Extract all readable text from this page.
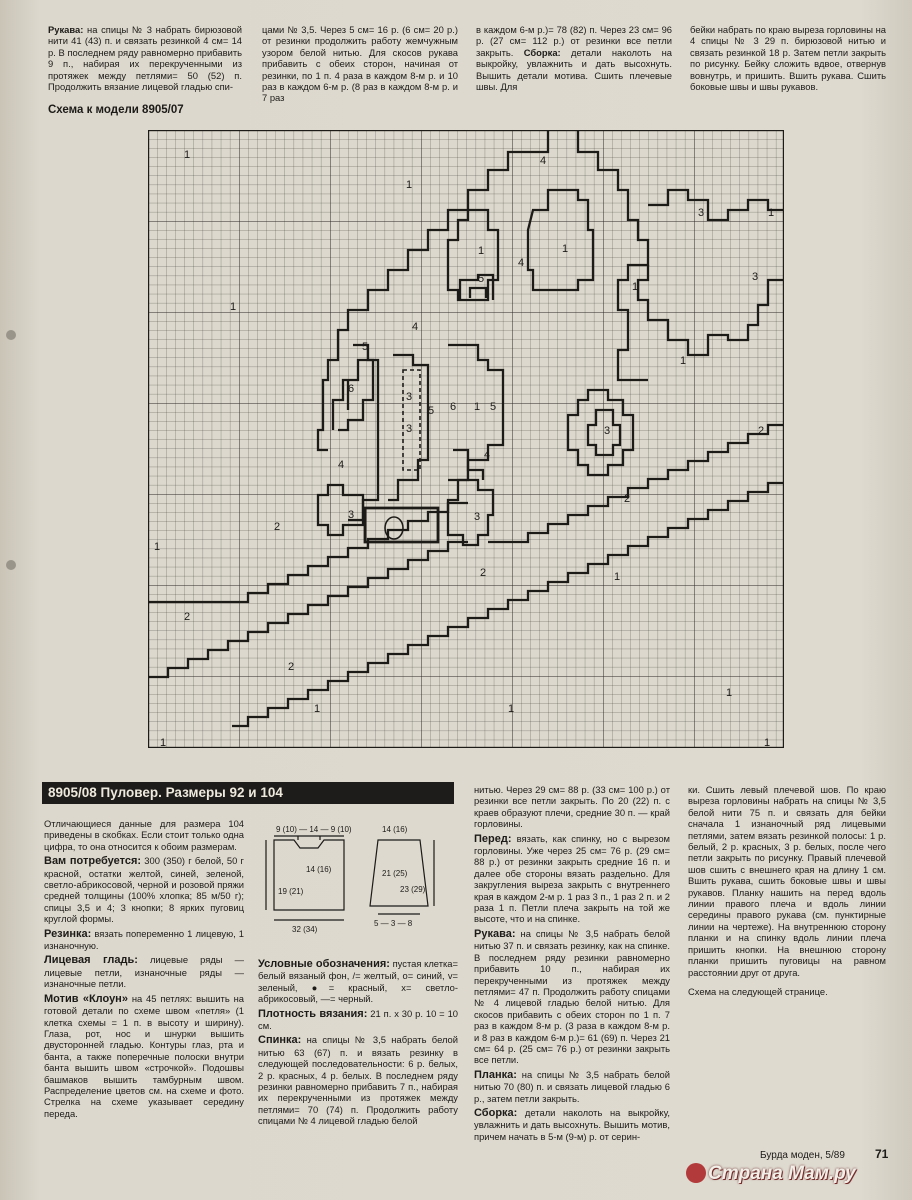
Рукава: на спицы № 3 набрать бирюзовой нити 41 (43) п. и связать резинкой 4 см= 14 р. В последнем ряду равномерно прибавить 9 п., набирая их перекрученными из протяжек между петлями= 50 (52) п. Продолжить вязание лицевой гладью спи-
цами № 3,5. Через 5 см= 16 р. (6 см= 20 р.) от резинки продолжить работу жемчужным узором белой нитью. Для скосов рукава прибавить с обеих сторон, начиная от резинки, по 1 п. 4 раза в каждом 8-м р. и 10 раз в каждом 6-м р. (8 раз в каждом 8-м р. и 7 раз
в каждом 6-м р.)= 78 (82) п. Через 23 см= 96 р. (27 см= 112 р.) от резинки все петли закрыть. Сборка: детали наколоть на выкройку, увлажнить и дать высохнуть. Вышить детали мотива. Сшить плечевые швы. Для
бейки набрать по краю выреза горловины на 4 спицы № 3 29 п. бирюзовой нитью и связать резинкой 18 р. Затем петли закрыть по рисунку. Бейку сложить вдвое, отвернув вовнутрь, и пришить. Вшить рукава. Сшить боковые швы и швы рукавов.
Схема к модели 8905/07
1	4
3	1
1
1
4
1
5
1
3
1
4
5
1
6
3
3
5 6 1 5
3	2
4
4
2
3	3
2
1
1
2
2
2
1
1	1
1	1
8905/08 Пуловер. Размеры 92 и 104

Отличающиеся данные для размера 104 приведены в скобках. Если стоит только одна цифра, то она относится к обоим размерам.

Вам потребуется: 300 (350) г белой, 50 г красной, остатки желтой, синей, зеленой, светло-абрикосовой, черной и розовой пряжи средней толщины (100% хлопка; 85 м/50 г); спицы 3,5 и 4; 3 кнопки; 8 ярких пуговиц круглой формы.

Резинка: вязать попеременно 1 лицевую, 1 изнаночную.

Лицевая гладь: лицевые ряды — лицевые петли, изнаночные ряды — изнаночные петли.

Мотив «Клоун» на 45 петлях: вышить на готовой детали по схеме швом «петля» (1 клетка схемы = 1 п. в высоту и ширину). Глаза, рот, нос и шнурки вышить двусторонней гладью. Контуры глаз, рта и банта, а также поперечные полоски внутри банта вышить швом «строчкой». Подошвы башмаков вышить тамбурным швом. Распределение цветов см. на схеме и фото. Стрелка на схеме указывает середину переда.

9 (10) — 14 — 9 (10)
32 (34)
14 (16)
19 (21)
14 (16)
21 (25)
23 (29)
5 — 3 — 8

Условные обозначения: пустая клетка= белый вязаный фон, /= желтый, o= синий, v= зеленый, ●= красный, x= светло-абрикосовый, —= черный.

Плотность вязания: 21 п. x 30 р. 10 = 10 см.

Спинка: на спицы № 3,5 набрать белой нитью 63 (67) п. и вязать резинку в следующей последовательности: 6 р. белых, 2 р. красных, 4 р. белых. В последнем ряду резинки равномерно прибавить 7 п., набирая их перекрученными из протяжек между петлями= 70 (74) п. Продолжить работу спицами № 4 лицевой гладью белой

нитью. Через 29 см= 88 р. (33 см= 100 р.) от резинки все петли закрыть. По 20 (22) п. с краев образуют плечи, средние 30 п. — край горловины.

Перед: вязать, как спинку, но с вырезом горловины. Уже через 25 см= 76 р. (29 см= 88 р.) от резинки закрыть средние 16 п. и далее обе стороны вязать раздельно. Для закругления выреза закрыть с внутреннего края в каждом 2-м р. 1 раз 3 п., 1 раз 2 п. и 2 раза 1 п. Петли плеча закрыть на той же высоте, что и на спинке.

Рукава: на спицы № 3,5 набрать белой нитью 37 п. и связать резинку, как на спинке. В последнем ряду резинки равномерно прибавить 10 п., набирая их перекрученными из протяжек между петлями= 47 п. Продолжить работу спицами № 4 лицевой гладью белой нитью. Для скосов прибавить с обеих сторон по 1 п. 7 раз в каждом 8-м р. (3 раза в каждом 8-м р. и 8 раз в каждом 6-м р.)= 61 (69) п. Через 21 см= 64 р. (25 см= 76 р.) от резинки закрыть все петли.

Планка: на спицы № 3,5 набрать белой нитью 70 (80) п. и связать лицевой гладью 6 р., затем петли закрыть.

Сборка: детали наколоть на выкройку, увлажнить и дать высохнуть. Вышить мотив, причем начать в 5-м (9-м) р. от серин-

ки. Сшить левый плечевой шов. По краю выреза горловины набрать на спицы № 3,5 белой нити 75 п. и связать для бейки сначала 1 изнаночный ряд лицевыми петлями, затем вязать резинкой полосы: 1 р. белый, 2 р. красных, 3 р. белых, после чего петли закрыть по рисунку. Правый плечевой шов сшить с внешнего края на длину 1 см. Вшить рукава, сшить боковые швы и швы рукавов. Планку нашить на перед вдоль линии правого плеча и вдоль линии середины правого рукава (см. пунктирные линии на чертеже). На внутреннюю сторону планки и на спинку вдоль линии плеча пришить кнопки. На внешнюю сторону планки пришить пуговицы на равном расстоянии друг от друга.

Схема на следующей странице.

Бурда моден, 5/89	71
Страна Мам.ру
